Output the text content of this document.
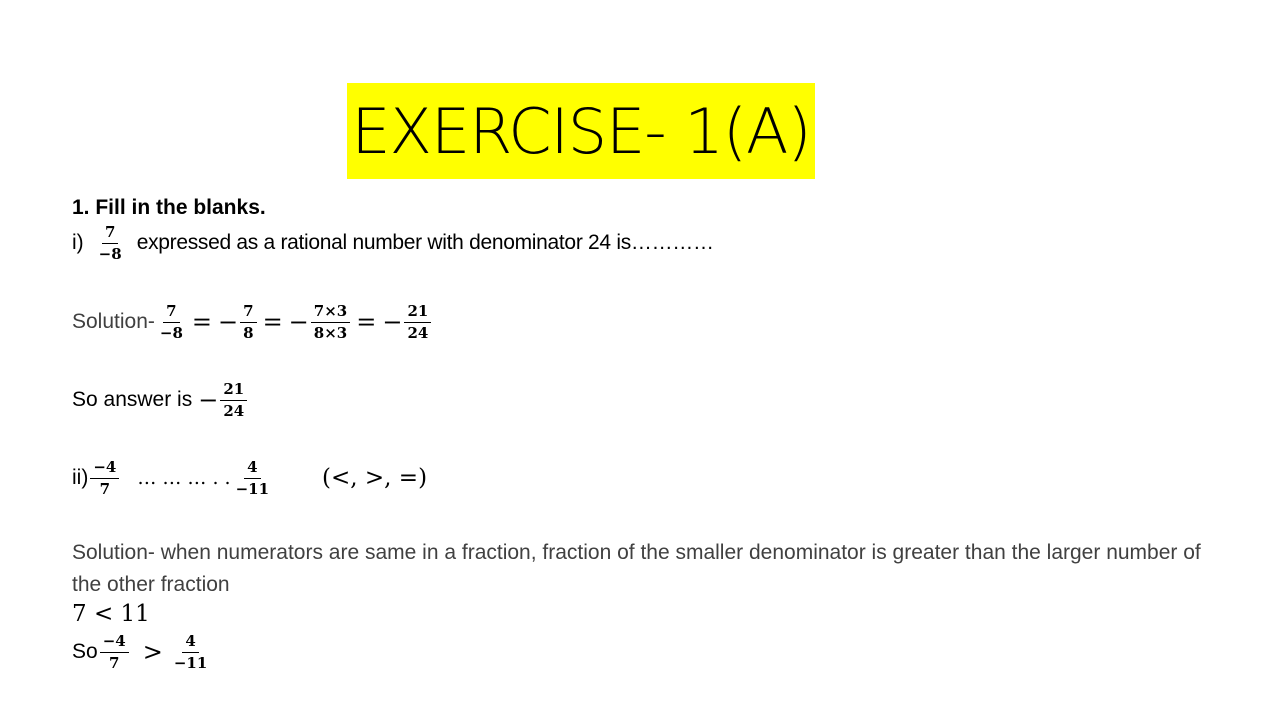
EXERCISE- 1(A)
1. Fill in the blanks.
$i) \frac{7}{-8}$ expressed as a rational number with denominator 24 is…………
Solution- $\frac{7}{-8}$ = − $\frac{7}{8}$ = − $\frac{7\times 3}{8\times 3}$ = − $\frac{21}{24}$
So answer is − $\frac{21}{24}$
$ii) \frac{-4}{7}$ … … … . . $\frac{4}{-11}$ (<, >, =)
Solution- when numerators are same in a fraction, fraction of the smaller denominator is greater than the larger number of the other fraction
7 < 11
So $\frac{-4}{7} > \frac{4}{-11}$
